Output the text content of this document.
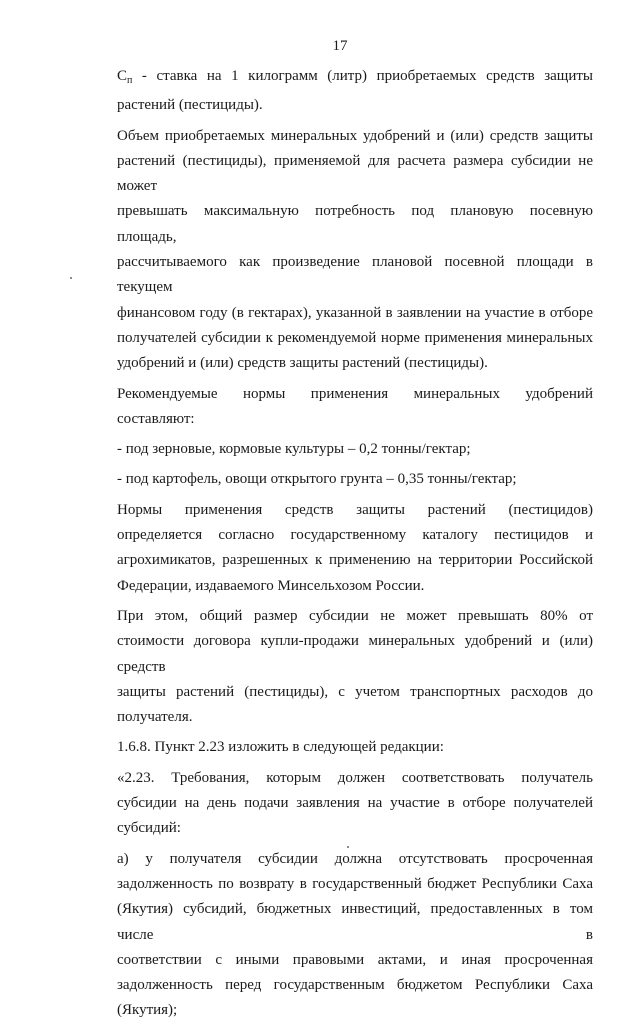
17
$С_п$ - ставка на 1 килограмм (литр) приобретаемых средств защиты
растений (пестициды).
Объем приобретаемых минеральных удобрений и (или) средств защиты
растений (пестициды), применяемой для расчета размера субсидии не может
превышать максимальную потребность под плановую посевную площадь,
рассчитываемого как произведение плановой посевной площади в текущем
финансовом году (в гектарах), указанной в заявлении на участие в отборе
получателей субсидии к рекомендуемой норме применения минеральных
удобрений и (или) средств защиты растений (пестициды).
Рекомендуемые нормы применения минеральных удобрений
составляют:
- под зерновые, кормовые культуры – 0,2 тонны/гектар;
- под картофель, овощи открытого грунта – 0,35 тонны/гектар;
Нормы применения средств защиты растений (пестицидов)
определяется согласно государственному каталогу пестицидов и
агрохимикатов, разрешенных к применению на территории Российской
Федерации, издаваемого Минсельхозом России.
При этом, общий размер субсидии не может превышать 80% от
стоимости договора купли-продажи минеральных удобрений и (или) средств
защиты растений (пестициды), с учетом транспортных расходов до
получателя.
1.6.8. Пункт 2.23 изложить в следующей редакции:
«2.23. Требования, которым должен соответствовать получатель
субсидии на день подачи заявления на участие в отборе получателей
субсидий:
а) у получателя субсидии должна отсутствовать просроченная
задолженность по возврату в государственный бюджет Республики Саха
(Якутия) субсидий, бюджетных инвестиций, предоставленных в том числе в
соответствии с иными правовыми актами, и иная просроченная
задолженность перед государственным бюджетом Республики Саха (Якутия);
